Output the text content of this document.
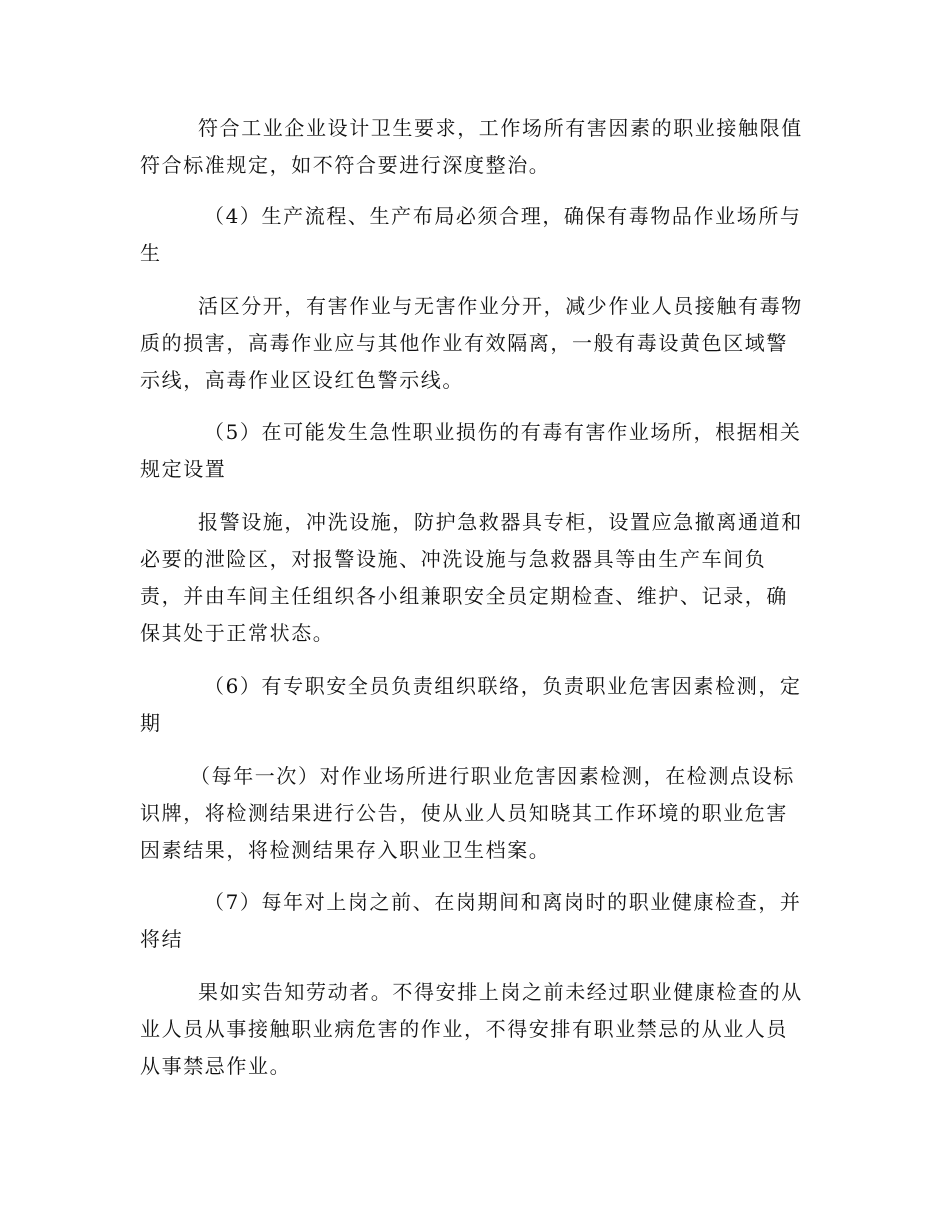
符合工业企业设计卫生要求，工作场所有害因素的职业接触限值

符合标准规定，如不符合要进行深度整治。

（4）生产流程、生产布局必须合理，确保有毒物品作业场所与

生

活区分开，有害作业与无害作业分开，减少作业人员接触有毒物

质的损害，高毒作业应与其他作业有效隔离，一般有毒设黄色区域警

示线，高毒作业区设红色警示线。

（5）在可能发生急性职业损伤的有毒有害作业场所，根据相关

规定设置

报警设施，冲洗设施，防护急救器具专柜，设置应急撤离通道和

必要的泄险区，对报警设施、冲洗设施与急救器具等由生产车间负

责，并由车间主任组织各小组兼职安全员定期检查、维护、记录，确

保其处于正常状态。

（6）有专职安全员负责组织联络，负责职业危害因素检测，定

期

（每年一次）对作业场所进行职业危害因素检测，在检测点设标

识牌，将检测结果进行公告，使从业人员知晓其工作环境的职业危害

因素结果，将检测结果存入职业卫生档案。

（7）每年对上岗之前、在岗期间和离岗时的职业健康检查，并

将结

果如实告知劳动者。不得安排上岗之前未经过职业健康检查的从

业人员从事接触职业病危害的作业，不得安排有职业禁忌的从业人员

从事禁忌作业。
